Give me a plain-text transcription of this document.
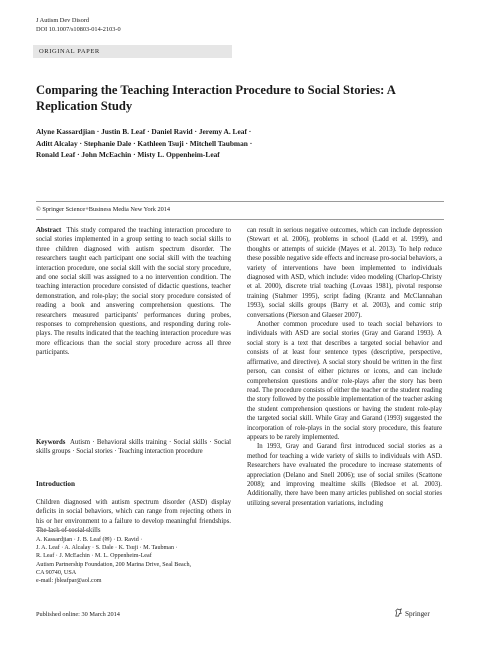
J Autism Dev Disord
DOI 10.1007/s10803-014-2103-0
ORIGINAL PAPER
Comparing the Teaching Interaction Procedure to Social Stories: A Replication Study
Alyne Kassardjian · Justin B. Leaf · Daniel Ravid · Jeremy A. Leaf ·
Aditt Alcalay · Stephanie Dale · Kathleen Tsuji · Mitchell Taubman ·
Ronald Leaf · John McEachin · Misty L. Oppenheim-Leaf
© Springer Science+Business Media New York 2014

Abstract This study compared the teaching interaction procedure to social stories implemented in a group setting to teach social skills to three children diagnosed with autism spectrum disorder. The researchers taught each participant one social skill with the teaching interaction procedure, one social skill with the social story procedure, and one social skill was assigned to a no intervention condition. The teaching interaction procedure consisted of didactic questions, teacher demonstration, and role-play; the social story procedure consisted of reading a book and answering comprehension questions. The researchers measured participants' performances during probes, responses to comprehension questions, and responding during role-plays. The results indicated that the teaching interaction procedure was more efficacious than the social story procedure across all three participants.

Keywords Autism · Behavioral skills training · Social skills · Social skills groups · Social stories · Teaching interaction procedure

Introduction

Children diagnosed with autism spectrum disorder (ASD) display deficits in social behaviors, which can range from rejecting others in his or her environment to a failure to develop meaningful friendships. The lack of social skills

A. Kassardjian · J. B. Leaf (✉) · D. Ravid ·
J. A. Leaf · A. Alcalay · S. Dale · K. Tsuji · M. Taubman ·
R. Leaf · J. McEachin · M. L. Oppenheim-Leaf
Autism Partnership Foundation, 200 Marina Drive, Seal Beach,
CA 90740, USA
e-mail: jbleafpar@aol.com

can result in serious negative outcomes, which can include depression (Stewart et al. 2006), problems in school (Ladd et al. 1999), and thoughts or attempts of suicide (Mayes et al. 2013). To help reduce these possible negative side effects and increase pro-social behaviors, a variety of interventions have been implemented to individuals diagnosed with ASD, which include: video modeling (Charlop-Christy et al. 2000), discrete trial teaching (Lovaas 1981), pivotal response training (Stahmer 1995), script fading (Krantz and McClannahan 1993), social skills groups (Barry et al. 2003), and comic strip conversations (Pierson and Glaeser 2007).

Another common procedure used to teach social behaviors to individuals with ASD are social stories (Gray and Garand 1993). A social story is a text that describes a targeted social behavior and consists of at least four sentence types (descriptive, perspective, affirmative, and directive). A social story should be written in the first person, can consist of either pictures or icons, and can include comprehension questions and/or role-plays after the story has been read. The procedure consists of either the teacher or the student reading the story followed by the possible implementation of the teacher asking the student comprehension questions or having the student role-play the targeted social skill. While Gray and Garand (1993) suggested the incorporation of role-plays in the social story procedure, this feature appears to be rarely implemented.

In 1993, Gray and Garand first introduced social stories as a method for teaching a wide variety of skills to individuals with ASD. Researchers have evaluated the procedure to increase statements of appreciation (Delano and Snell 2006); use of social smiles (Scattone 2008); and improving mealtime skills (Bledsoe et al. 2003). Additionally, there have been many articles published on social stories utilizing several presentation variations, including

Published online: 30 March 2014	Springer
